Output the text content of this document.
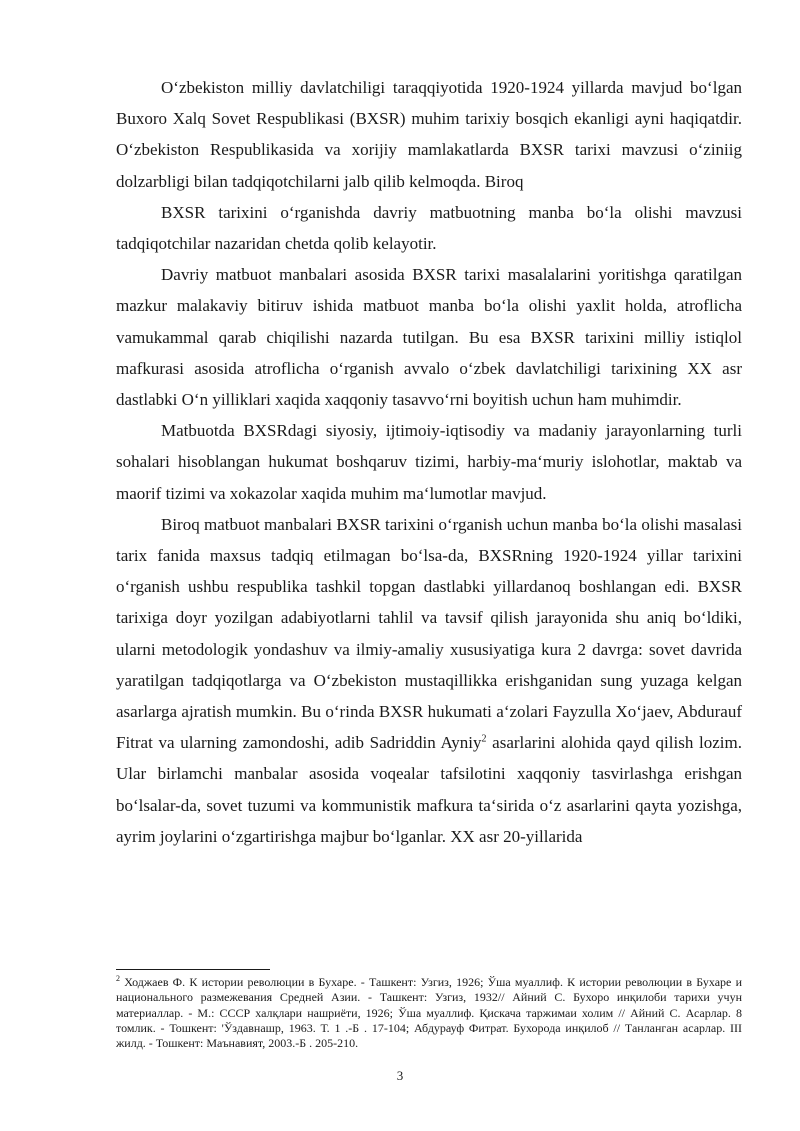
O‘zbekiston milliy davlatchiligi taraqqiyotida 1920-1924 yillarda mavjud bo‘lgan Buxoro Xalq Sovet Respublikasi (BXSR) muhim tarixiy bosqich ekanligi ayni haqiqatdir. O‘zbekiston Respublikasida va xorijiy mamlakatlarda BXSR tarixi mavzusi o‘ziniig dolzarbligi bilan tadqiqotchilarni jalb qilib kelmoqda. Biroq

BXSR tarixini o‘rganishda davriy matbuotning manba bo‘la olishi mavzusi tadqiqotchilar nazaridan chetda qolib kelayotir.

Davriy matbuot manbalari asosida BXSR tarixi masalalarini yoritishga qaratilgan mazkur malakaviy bitiruv ishida matbuot manba bo‘la olishi yaxlit holda, atroflicha vamukammal qarab chiqilishi nazarda tutilgan. Bu esa BXSR tarixini milliy istiqlol mafkurasi asosida atroflicha o‘rganish avvalo o‘zbek davlatchiligi tarixining XX asr dastlabki O‘n yilliklari xaqida xaqqoniy tasavvo‘rni boyitish uchun ham muhimdir.

Matbuotda BXSRdagi siyosiy, ijtimoiy-iqtisodiy va madaniy jarayonlarning turli sohalari hisoblangan hukumat boshqaruv tizimi, harbiy-ma‘muriy islohotlar, maktab va maorif tizimi va xokazolar xaqida muhim ma‘lumotlar mavjud.

Biroq matbuot manbalari BXSR tarixini o‘rganish uchun manba bo‘la olishi masalasi tarix fanida maxsus tadqiq etilmagan bo‘lsa-da, BXSRning 1920-1924 yillar tarixini o‘rganish ushbu respublika tashkil topgan dastlabki yillardanoq boshlangan edi. BXSR tarixiga doyr yozilgan adabiyotlarni tahlil va tavsif qilish jarayonida shu aniq bo‘ldiki, ularni metodologik yondashuv va ilmiy-amaliy xususiyatiga kura 2 davrga: sovet davrida yaratilgan tadqiqotlarga va O‘zbekiston mustaqillikka erishganidan sung yuzaga kelgan asarlarga ajratish mumkin. Bu o‘rinda BXSR hukumati a‘zolari Fayzulla Xo‘jaev, Abdurauf Fitrat va ularning zamondoshi, adib Sadriddin Ayniy$^2$ asarlarini alohida qayd qilish lozim. Ular birlamchi manbalar asosida voqealar tafsilotini xaqqoniy tasvirlashga erishgan bo‘lsalar-da, sovet tuzumi va kommunistik mafkura ta‘sirida o‘z asarlarini qayta yozishga, ayrim joylarini o‘zgartirishga majbur bo‘lganlar. XX asr 20-yillarida

$^2$ Ходжаев Ф. К истории революции в Бухаре. - Ташкент: Узгиз, 1926; Ўша муаллиф. К истории революции в Бухаре и национального размежевания Средней Азии. - Ташкент: Узгиз, 1932// Айний С. Бухоро инқилоби тарихи учун материаллар. - М.: СССР халқлари нашриёти, 1926; Ўша муаллиф. Қискача таржимаи холим // Айний С. Асарлар. 8 томлик. - Тошкент: 'Ўздавнашр, 1963. Т. 1 .-Б . 17-104; Абдурауф Фитрат. Бухорода инқилоб // Танланган асарлар. III жилд. - Тошкент: Маънавият, 2003.-Б . 205-210.

3
